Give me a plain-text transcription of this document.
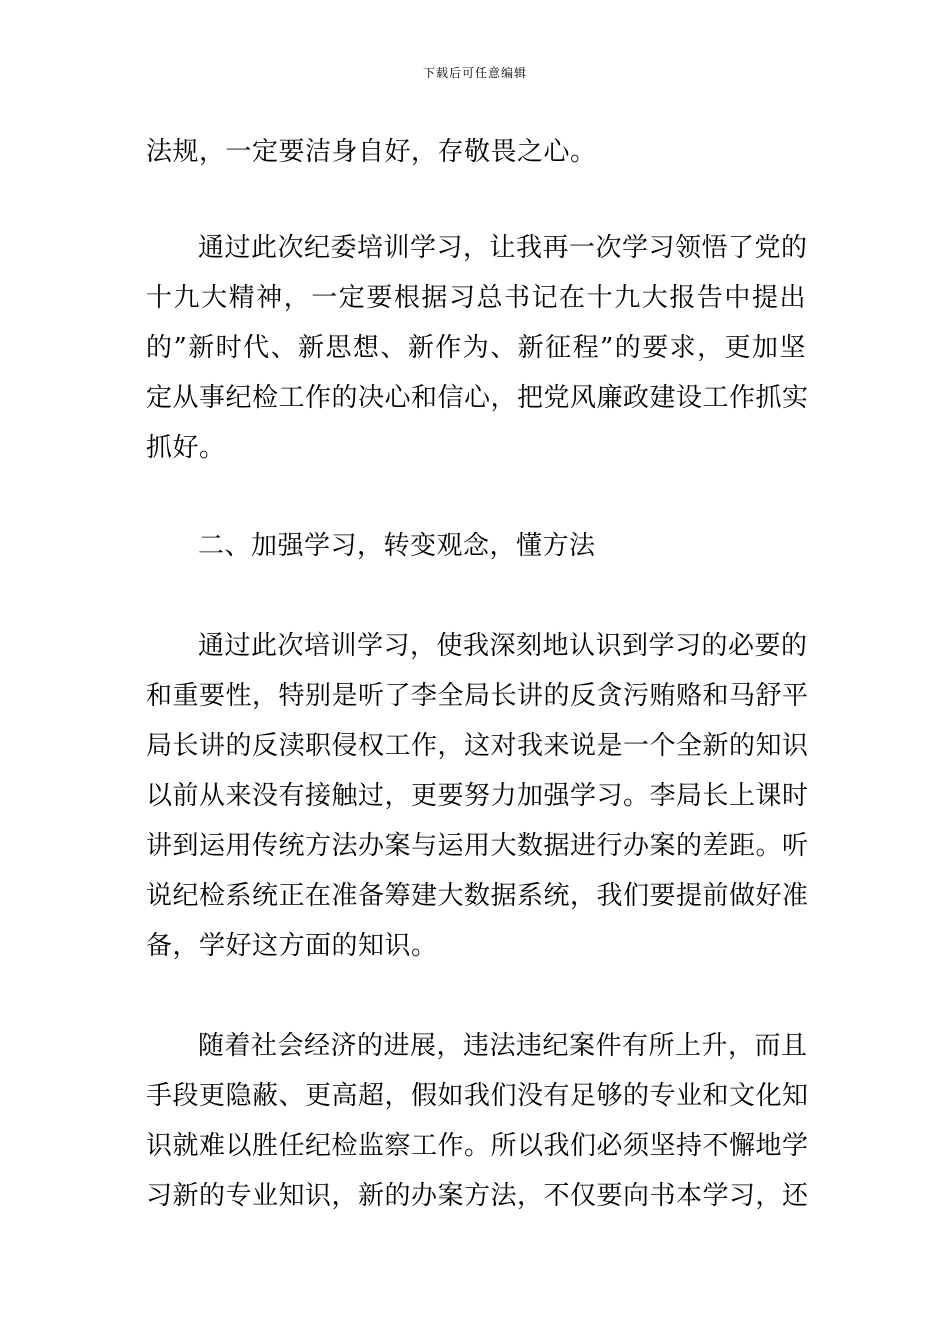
下载后可任意编辑
法规，一定要洁身自好，存敬畏之心。
通过此次纪委培训学习，让我再一次学习领悟了党的
十九大精神，一定要根据习总书记在十九大报告中提出
的”新时代、新思想、新作为、新征程”的要求，更加坚
定从事纪检工作的决心和信心，把党风廉政建设工作抓实
抓好。
二、加强学习，转变观念，懂方法
通过此次培训学习，使我深刻地认识到学习的必要的
和重要性，特别是听了李全局长讲的反贪污贿赂和马舒平
局长讲的反渎职侵权工作，这对我来说是一个全新的知识
以前从来没有接触过，更要努力加强学习。李局长上课时
讲到运用传统方法办案与运用大数据进行办案的差距。听
说纪检系统正在准备筹建大数据系统，我们要提前做好准
备，学好这方面的知识。
随着社会经济的进展，违法违纪案件有所上升，而且
手段更隐蔽、更高超，假如我们没有足够的专业和文化知
识就难以胜任纪检监察工作。所以我们必须坚持不懈地学
习新的专业知识，新的办案方法，不仅要向书本学习，还
